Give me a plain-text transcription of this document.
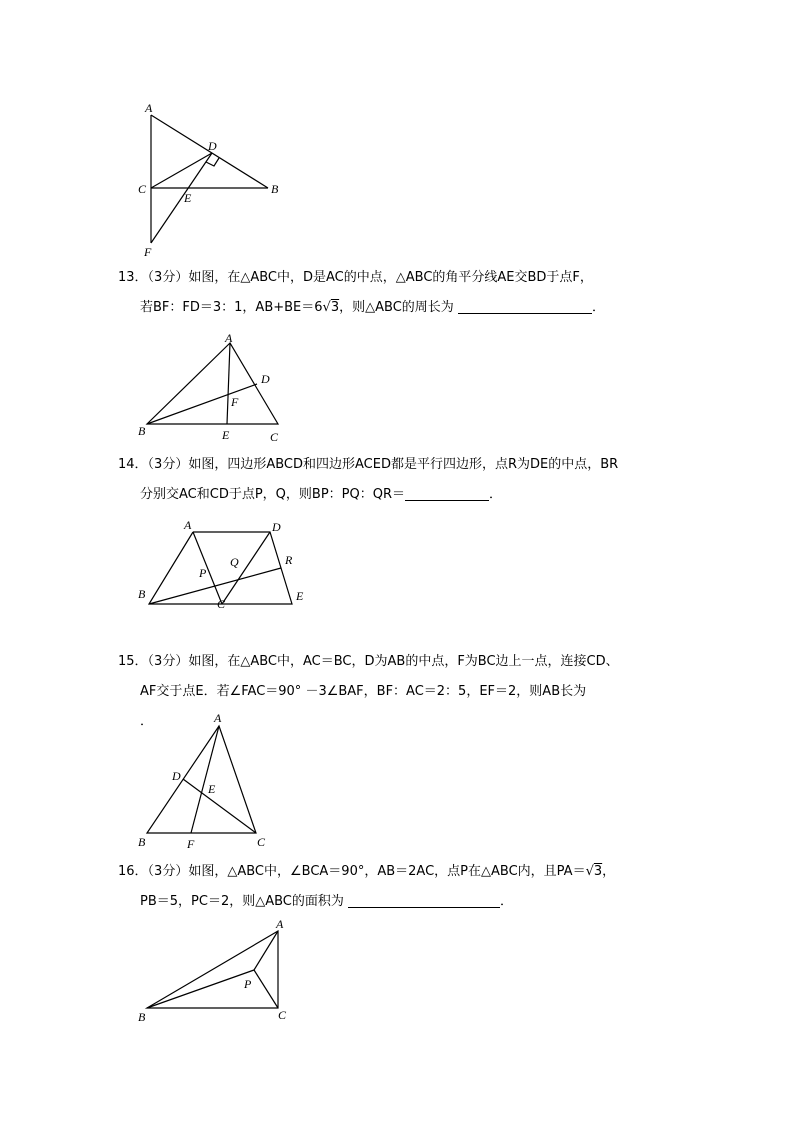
A
D
C	B
E
F
13．（3分）如图，在△ABC中，D是AC的中点，△ABC的角平分线AE交BD于点F，
若BF：FD＝3：1，AB+BE＝6√3，则△ABC的周长为	．
A
D
F
B	E	C
14．（3分）如图，四边形ABCD和四边形ACED都是平行四边形，点R为DE的中点，BR
分别交AC和CD于点P，Q，则BP：PQ：QR＝	．
A	D
Q	R
P
B
C
E
15．（3分）如图，在△ABC中，AC＝BC，D为AB的中点，F为BC边上一点，连接CD、
AF交于点E．若∠FAC＝90° －3∠BAF，BF：AC＝2：5，EF＝2，则AB长为
．	A
D
E
B	F	C
16．（3分）如图，△ABC中，∠BCA＝90°，AB＝2AC，点P在△ABC内，且PA＝√3，
PB＝5，PC＝2，则△ABC的面积为	．
A
P
B	C
